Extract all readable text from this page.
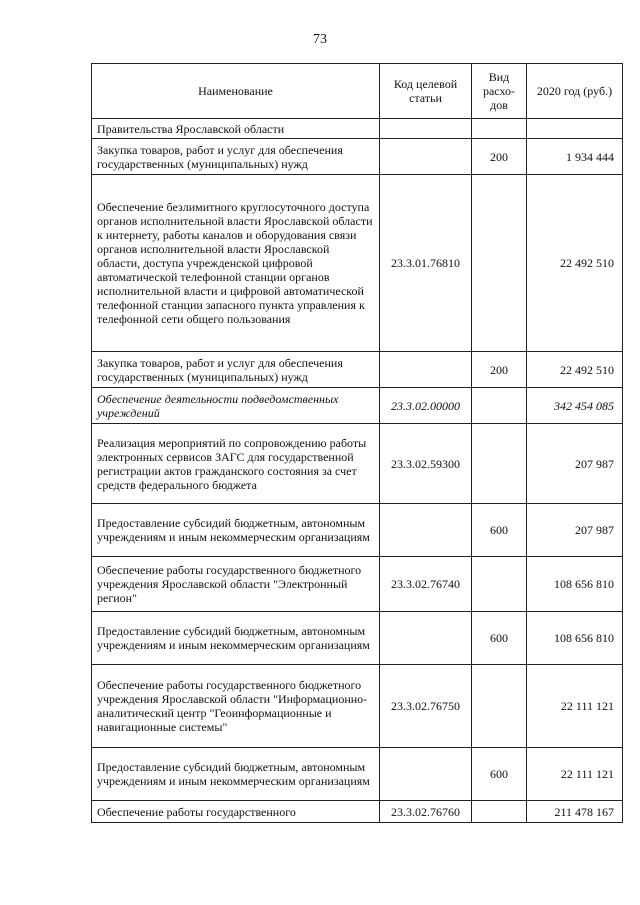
73
Наименование	Код целевой статьи	Вид расхо-дов	2020 год (руб.)
Правительства Ярославской области			
Закупка товаров, работ и услуг для обеспечения государственных (муниципальных) нужд		200	1 934 444
Обеспечение безлимитного круглосуточного доступа органов исполнительной власти Ярославской области к интернету, работы каналов и оборудования связи органов исполнительной власти Ярославской области, доступа учрежденской цифровой автоматической телефонной станции органов исполнительной власти и цифровой автоматической телефонной станции запасного пункта управления к телефонной сети общего пользования	23.3.01.76810		22 492 510
Закупка товаров, работ и услуг для обеспечения государственных (муниципальных) нужд		200	22 492 510
Обеспечение деятельности подведомственных учреждений	23.3.02.00000		342 454 085
Реализация мероприятий по сопровождению работы электронных сервисов ЗАГС для государственной регистрации актов гражданского состояния за счет средств федерального бюджета	23.3.02.59300		207 987
Предоставление субсидий бюджетным, автономным учреждениям и иным некоммерческим организациям		600	207 987
Обеспечение работы государственного бюджетного учреждения Ярославской области "Электронный регион"	23.3.02.76740		108 656 810
Предоставление субсидий бюджетным, автономным учреждениям и иным некоммерческим организациям		600	108 656 810
Обеспечение работы государственного бюджетного учреждения Ярославской области "Информационно-аналитический центр "Геоинформационные и навигационные системы"	23.3.02.76750		22 111 121
Предоставление субсидий бюджетным, автономным учреждениям и иным некоммерческим организациям		600	22 111 121
Обеспечение работы государственного	23.3.02.76760		211 478 167
